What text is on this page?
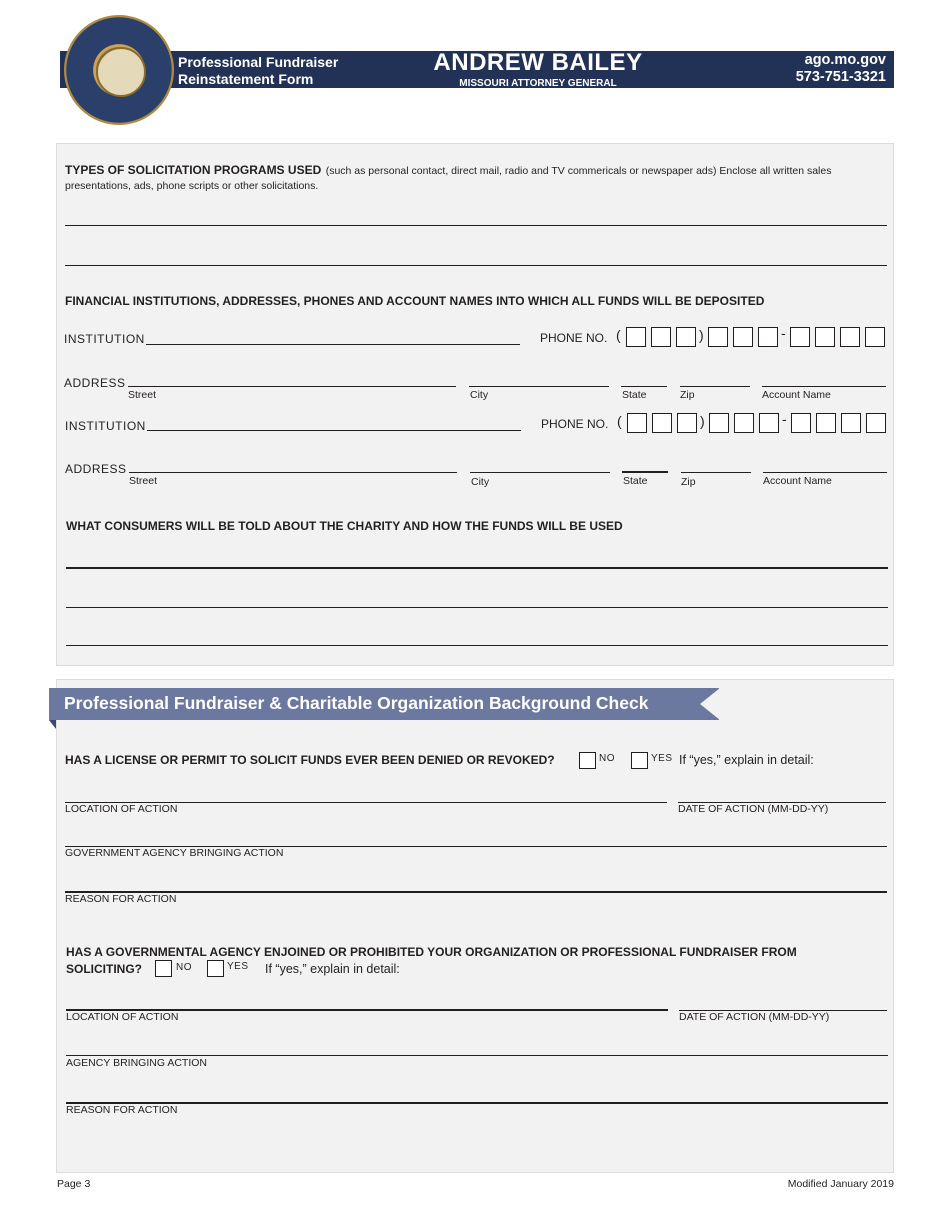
Professional Fundraiser
Reinstatement Form
ANDREW BAILEY
MISSOURI ATTORNEY GENERAL
ago.mo.gov
573-751-3321
TYPES OF SOLICITATION PROGRAMS USED (such as personal contact, direct mail, radio and TV commericals or newspaper ads) Enclose all written sales
presentations, ads, phone scripts or other solicitations.
FINANCIAL INSTITUTIONS, ADDRESSES, PHONES AND ACCOUNT NAMES INTO WHICH ALL FUNDS WILL BE DEPOSITED
INSTITUTION	PHONE NO. (	)	-
ADDRESS
Street	City	State	Zip	Account Name
INSTITUTION	PHONE NO. (	)	-
ADDRESS
Street	City	State	Zip	Account Name
WHAT CONSUMERS WILL BE TOLD ABOUT THE CHARITY AND HOW THE FUNDS WILL BE USED
Professional Fundraiser & Charitable Organization Background Check
HAS A LICENSE OR PERMIT TO SOLICIT FUNDS EVER BEEN DENIED OR REVOKED?	NO	YES If “yes,” explain in detail:
LOCATION OF ACTION	DATE OF ACTION (MM-DD-YY)
GOVERNMENT AGENCY BRINGING ACTION
REASON FOR ACTION
HAS A GOVERNMENTAL AGENCY ENJOINED OR PROHIBITED YOUR ORGANIZATION OR PROFESSIONAL FUNDRAISER FROM
SOLICITING?	NO	YES If “yes,” explain in detail:
LOCATION OF ACTION	DATE OF ACTION (MM-DD-YY)
AGENCY BRINGING ACTION
REASON FOR ACTION
Page 3	Modified January 2019
